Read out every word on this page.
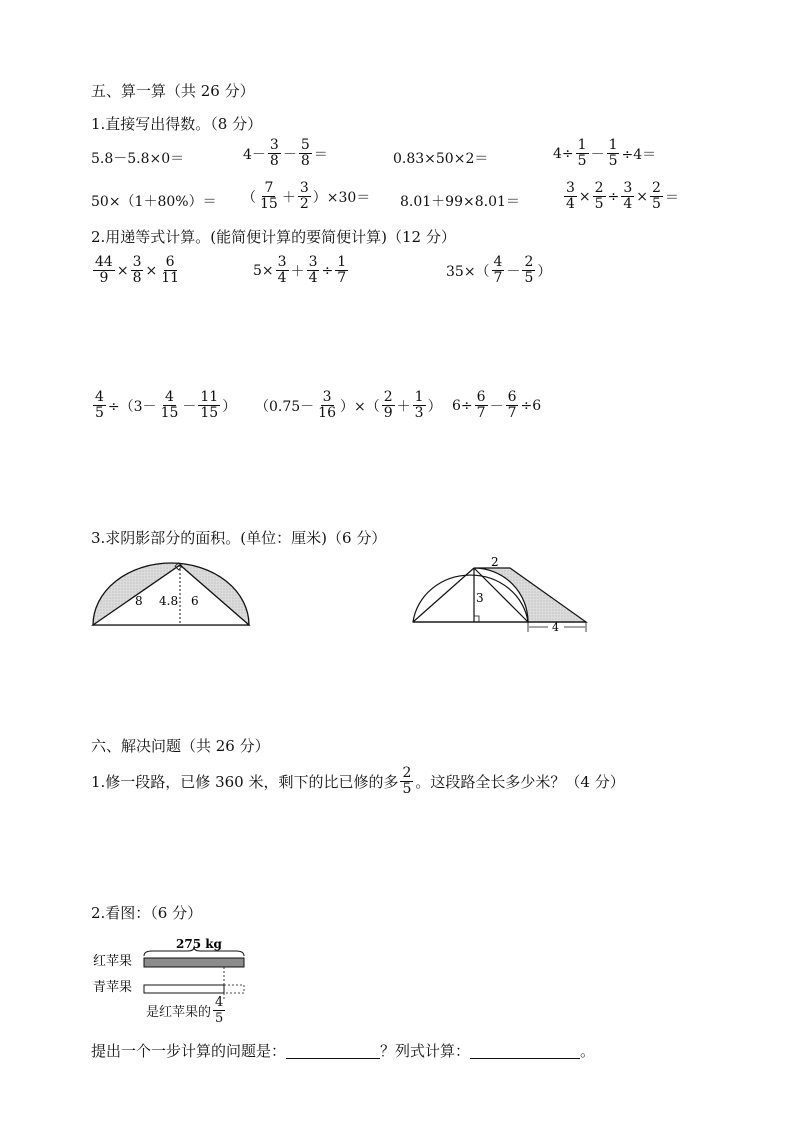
五、算一算（共 26 分）
1.直接写出得数。（8 分）
5.8－5.8×0＝	$4- \frac{3}{8} - \frac{5}{8}$ ＝	0.83×50×2＝	$4\div \frac{1}{5} - \frac{1}{5} \div 4=$
50×（1＋80%）＝ （ $\frac{7}{15} + \frac{3}{2} )\times 30= 8.01+99\times 8.01=$	$\frac{3}{4} \times \frac{2}{5} \div \frac{3}{4} \times \frac{2}{5}$ ＝
2.用递等式计算。(能简便计算的要简便计算)（12 分）
$\frac{44}{9} \times \frac{3}{8} \times \frac{6}{11}$	$5\times \frac{3}{4} + \frac{3}{4} \div \frac{1}{7}$	$35\times( \frac{4}{7} - \frac{2}{5}$ ）
$\frac{4}{5} \div(3- \frac{4}{15} - \frac{11}{15}$ ） （$0.75- \frac{3}{16}$ ）×（ $\frac{2}{9} + \frac{1}{3}$ ） $6\div \frac{6}{7} - \frac{6}{7} \div 6$
3.求阴影部分的面积。(单位：厘米)（6 分）
8 4.8 6
4
2
3
六、解决问题（共 26 分）
1.修一段路，已修 360 米，剩下的比已修的多 $\frac{2}{5}$ 。这段路全长多少米？（4 分）
2.看图：（6 分）
红苹果
青苹果
275 kg
是红苹果的 $\frac{4}{5}$
提出一个一步计算的问题是：	？列式计算：	。
